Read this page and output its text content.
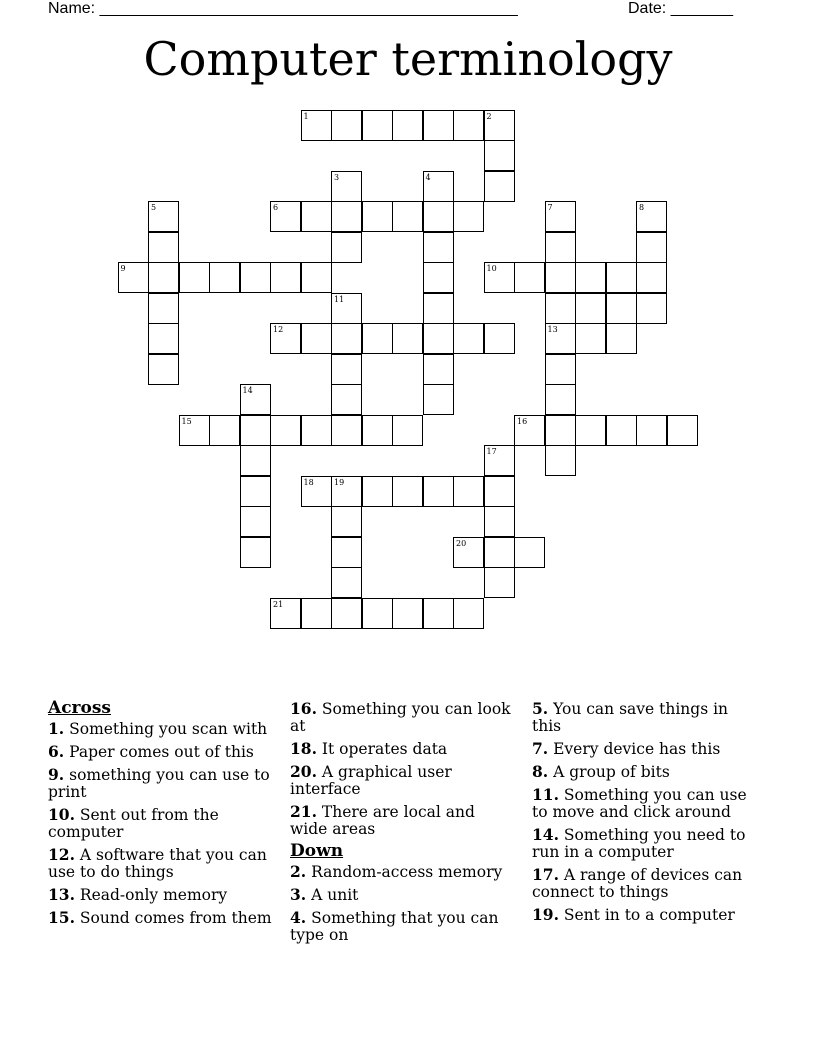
Name: _______________________________________________	Date: _______
Computer terminology
1	2
3	4
5	6	7	8
9	10
11
12	13
14
15	16
17
18	19
20
21
Across
1. Something you scan with
6. Paper comes out of this
9. something you can use to print
10. Sent out from the computer
12. A software that you can use to do things
13. Read-only memory
15. Sound comes from them
16. Something you can look at
18. It operates data
20. A graphical user interface
21. There are local and wide areas
Down
2. Random-access memory
3. A unit
4. Something that you can type on
5. You can save things in this
7. Every device has this
8. A group of bits
11. Something you can use to move and click around
14. Something you need to run in a computer
17. A range of devices can connect to things
19. Sent in to a computer
